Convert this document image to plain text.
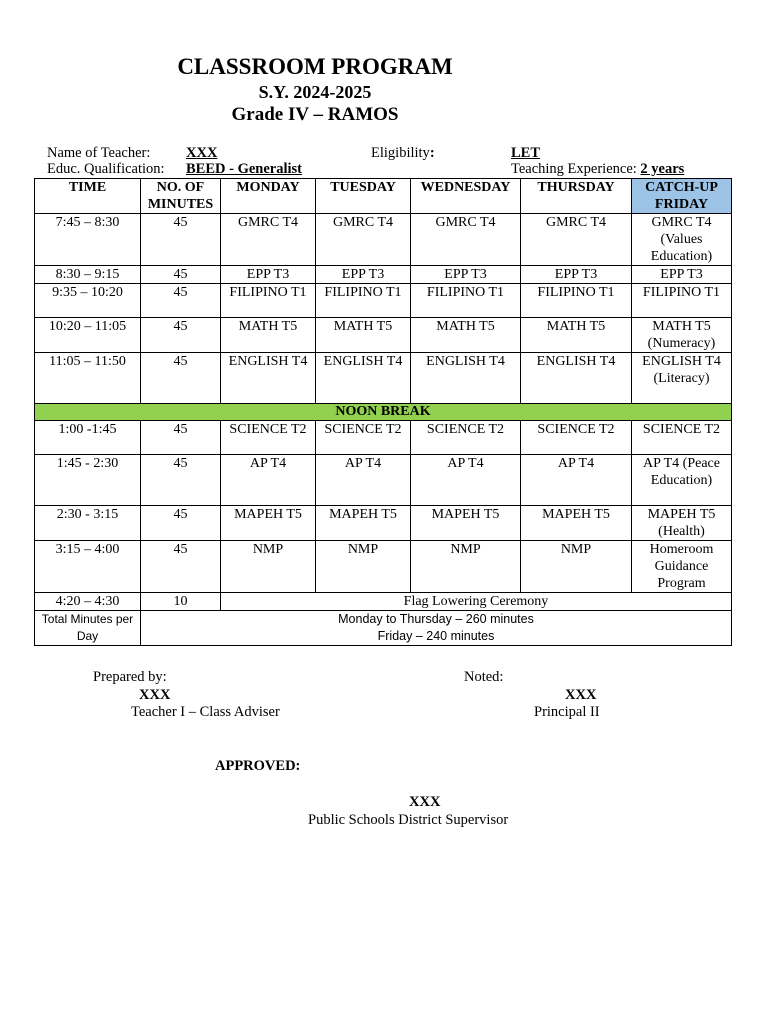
CLASSROOM PROGRAM
S.Y. 2024-2025
Grade IV – RAMOS
Name of Teacher: XXX	Eligibility:	LET
Educ. Qualification: BEED - Generalist	Teaching Experience: 2 years
TIME	NO. OF MINUTES	MONDAY	TUESDAY	WEDNESDAY	THURSDAY	CATCH-UP FRIDAY
7:45 – 8:30	45	GMRC T4	GMRC T4	GMRC T4	GMRC T4	GMRC T4 (Values Education)
8:30 – 9:15	45	EPP T3	EPP T3	EPP T3	EPP T3	EPP T3
9:35 – 10:20	45	FILIPINO T1	FILIPINO T1	FILIPINO T1	FILIPINO T1	FILIPINO T1
10:20 – 11:05	45	MATH T5	MATH T5	MATH T5	MATH T5	MATH T5 (Numeracy)
11:05 – 11:50	45	ENGLISH T4	ENGLISH T4	ENGLISH T4	ENGLISH T4	ENGLISH T4 (Literacy)
NOON BREAK						
1:00 -1:45	45	SCIENCE T2	SCIENCE T2	SCIENCE T2	SCIENCE T2	SCIENCE T2
1:45 - 2:30	45	AP T4	AP T4	AP T4	AP T4	AP T4 (Peace Education)
2:30 - 3:15	45	MAPEH T5	MAPEH T5	MAPEH T5	MAPEH T5	MAPEH T5 (Health)
3:15 – 4:00	45	NMP	NMP	NMP	NMP	Homeroom Guidance Program
4:20 – 4:30	10	Flag Lowering Ceremony				
Total Minutes per Day	Monday to Thursday – 260 minutes
Friday – 240 minutes					
Prepared by:
XXX
Teacher I – Class Adviser
Noted:
XXX
Principal II
APPROVED:
XXX
Public Schools District Supervisor
